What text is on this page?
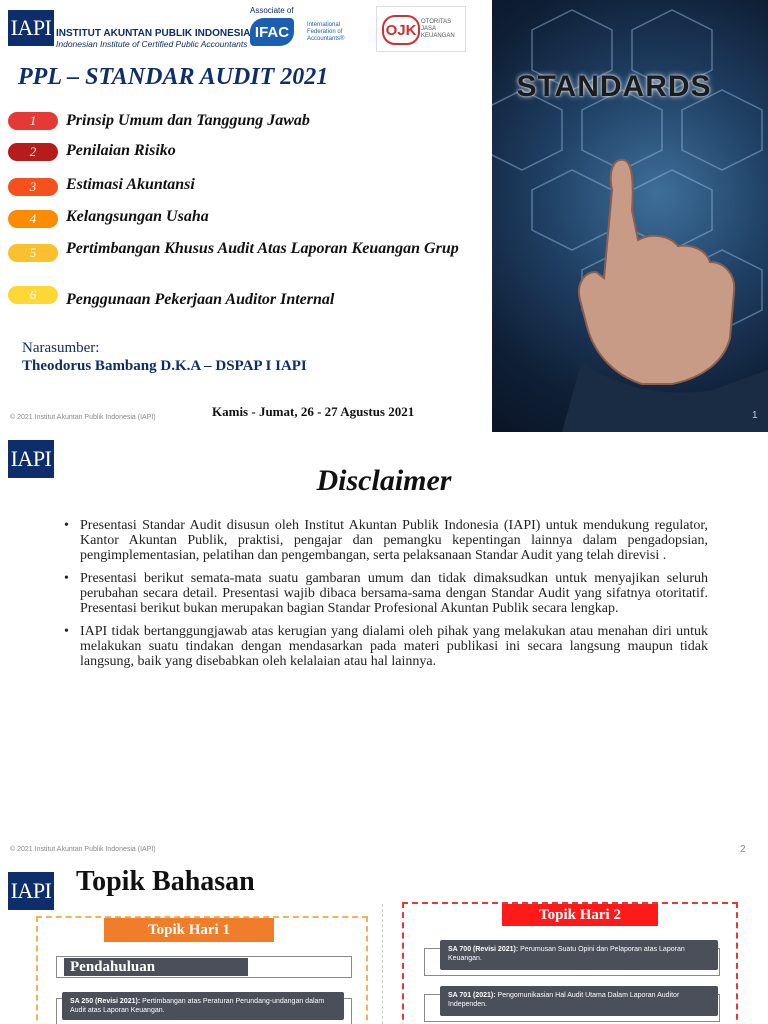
IAPI INSTITUT AKUNTAN PUBLIK INDONESIA
Indonesian Institute of Certified Public Accountants
Associate of
IFAC	International Federation of Accountants®
OJK OTORITAS
JASA
KEUANGAN
PPL – STANDAR AUDIT 2021
1	Prinsip Umum dan Tanggung Jawab
2	Penilaian Risiko
3	Estimasi Akuntansi
4	Kelangsungan Usaha
5	Pertimbangan Khusus Audit Atas Laporan Keuangan Grup
6	Penggunaan Pekerjaan Auditor Internal
Narasumber:
Theodorus Bambang D.K.A – DSPAP I IAPI
© 2021 Institut Akuntan Publik Indonesia (IAPI)	Kamis - Jumat, 26 - 27 Agustus 2021
STANDARDS
1
IAPI
Disclaimer
• Presentasi Standar Audit disusun oleh Institut Akuntan Publik Indonesia (IAPI) untuk mendukung regulator, Kantor Akuntan Publik, praktisi, pengajar dan pemangku kepentingan lainnya dalam pengadopsian, pengimplementasian, pelatihan dan pengembangan, serta pelaksanaan Standar Audit yang telah direvisi .
• Presentasi berikut semata-mata suatu gambaran umum dan tidak dimaksudkan untuk menyajikan seluruh perubahan secara detail. Presentasi wajib dibaca bersama-sama dengan Standar Audit yang sifatnya otoritatif. Presentasi berikut bukan merupakan bagian Standar Profesional Akuntan Publik secara lengkap.
• IAPI tidak bertanggungjawab atas kerugian yang dialami oleh pihak yang melakukan atau menahan diri untuk melakukan suatu tindakan dengan mendasarkan pada materi publikasi ini secara langsung maupun tidak langsung, baik yang disebabkan oleh kelalaian atau hal lainnya.
© 2021 Institut Akuntan Publik Indonesia (IAPI)	2
IAPI Topik Bahasan
Topik Hari 1
Topik Hari 2
Pendahuluan
SA 250 (Revisi 2021): Pertimbangan atas Peraturan Perundang-undangan dalam Audit atas Laporan Keuangan.
SA 700 (Revisi 2021): Perumusan Suatu Opini dan Pelaporan atas Laporan Keuangan.
SA 701 (2021): Pengomunikasian Hal Audit Utama Dalam Laporan Auditor Independen.
